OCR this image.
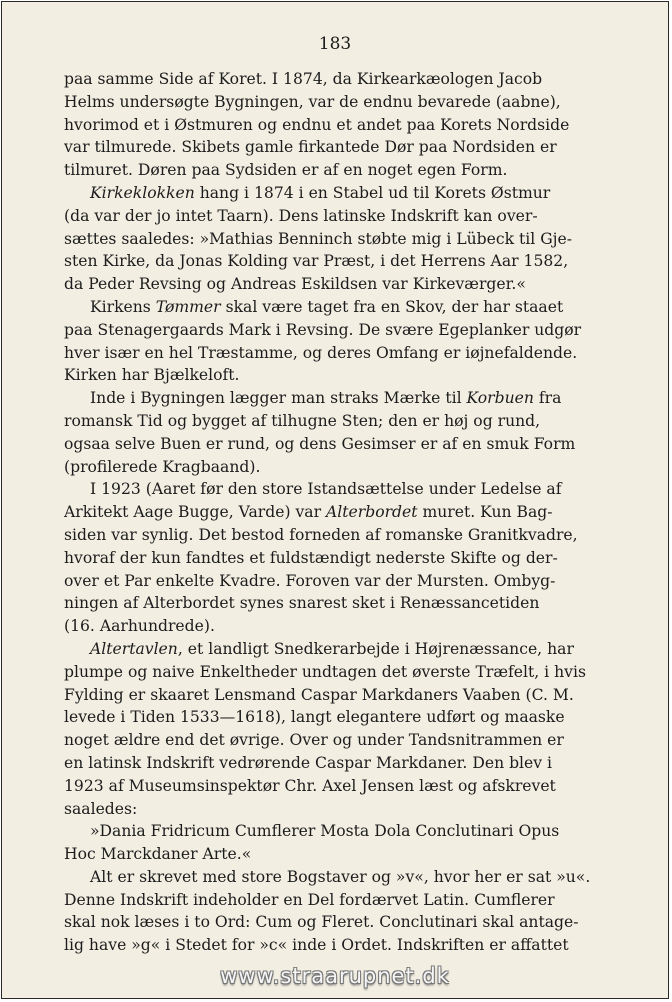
183
paa samme Side af Koret. I 1874, da Kirkearkæologen Jacob
Helms undersøgte Bygningen, var de endnu bevarede (aabne),
hvorimod et i Østmuren og endnu et andet paa Korets Nordside
var tilmurede. Skibets gamle firkantede Dør paa Nordsiden er
tilmuret. Døren paa Sydsiden er af en noget egen Form.
Kirkeklokken hang i 1874 i en Stabel ud til Korets Østmur
(da var der jo intet Taarn). Dens latinske Indskrift kan over-
sættes saaledes: »Mathias Benninch støbte mig i Lübeck til Gje-
sten Kirke, da Jonas Kolding var Præst, i det Herrens Aar 1582,
da Peder Revsing og Andreas Eskildsen var Kirkeværger.«
Kirkens Tømmer skal være taget fra en Skov, der har staaet
paa Stenagergaards Mark i Revsing. De svære Egeplanker udgør
hver især en hel Træstamme, og deres Omfang er iøjnefaldende.
Kirken har Bjælkeloft.
Inde i Bygningen lægger man straks Mærke til Korbuen fra
romansk Tid og bygget af tilhugne Sten; den er høj og rund,
ogsaa selve Buen er rund, og dens Gesimser er af en smuk Form
(profilerede Kragbaand).
I 1923 (Aaret før den store Istandsættelse under Ledelse af
Arkitekt Aage Bugge, Varde) var Alterbordet muret. Kun Bag-
siden var synlig. Det bestod forneden af romanske Granitkvadre,
hvoraf der kun fandtes et fuldstændigt nederste Skifte og der-
over et Par enkelte Kvadre. Foroven var der Mursten. Ombyg-
ningen af Alterbordet synes snarest sket i Renæssancetiden
(16. Aarhundrede).
Altertavlen, et landligt Snedkerarbejde i Højrenæssance, har
plumpe og naive Enkeltheder undtagen det øverste Træfelt, i hvis
Fylding er skaaret Lensmand Caspar Markdaners Vaaben (C. M.
levede i Tiden 1533—1618), langt elegantere udført og maaske
noget ældre end det øvrige. Over og under Tandsnitrammen er
en latinsk Indskrift vedrørende Caspar Markdaner. Den blev i
1923 af Museumsinspektør Chr. Axel Jensen læst og afskrevet
saaledes:
»Dania Fridricum Cumflerer Mosta Dola Conclutinari Opus
Hoc Marckdaner Arte.«
Alt er skrevet med store Bogstaver og »v«, hvor her er sat »u«.
Denne Indskrift indeholder en Del fordærvet Latin. Cumflerer
skal nok læses i to Ord: Cum og Fleret. Conclutinari skal antage-
lig have »g« i Stedet for »c« inde i Ordet. Indskriften er affattet
www.straarupnet.dk
